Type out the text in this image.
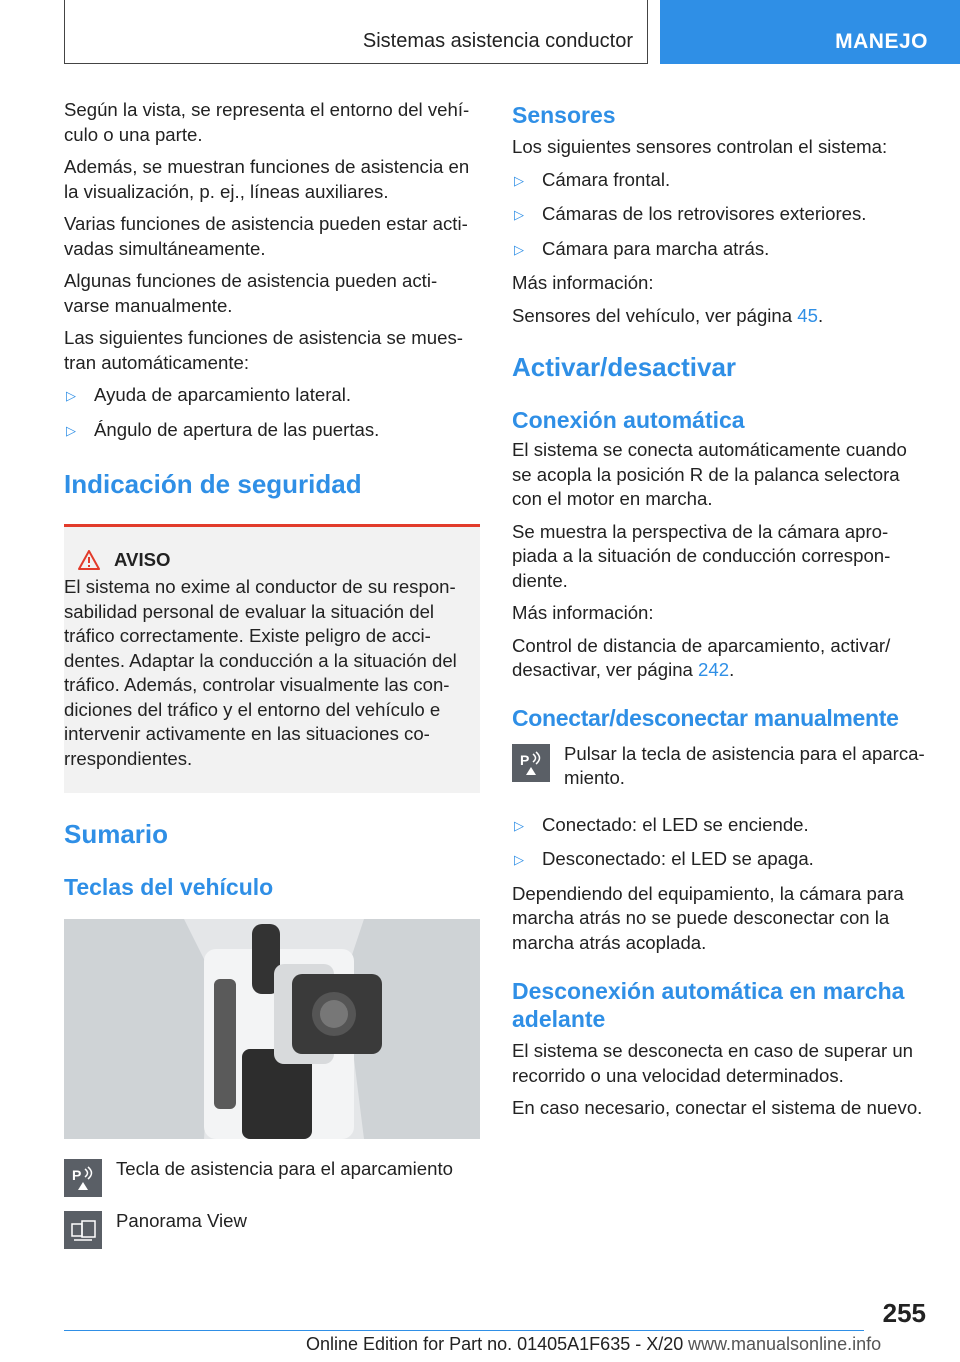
Sistemas asistencia conductor	MANEJO

Según la vista, se representa el entorno del vehí-
culo o una parte.

Además, se muestran funciones de asistencia en la visualización, p. ej., líneas auxiliares.

Varias funciones de asistencia pueden estar acti-
vadas simultáneamente.

Algunas funciones de asistencia pueden acti-
varse manualmente.

Las siguientes funciones de asistencia se mues-
tran automáticamente:

▷ Ayuda de aparcamiento lateral.
▷ Ángulo de apertura de las puertas.
Indicación de seguridad
AVISO

El sistema no exime al conductor de su respon-
sabilidad personal de evaluar la situación del tráfico correctamente. Existe peligro de acci-
dentes. Adaptar la conducción a la situación del tráfico. Además, controlar visualmente las con-
diciones del tráfico y el entorno del vehículo e intervenir activamente en las situaciones co-
rrespondientes.

Sumario
Teclas del vehículo
P Tecla de asistencia para el aparcamiento

Panorama View

Sensores

Los siguientes sensores controlan el sistema:

▷ Cámara frontal.
▷ Cámaras de los retrovisores exteriores.
▷ Cámara para marcha atrás.

Más información:

Sensores del vehículo, ver página 45.

Activar/desactivar
Conexión automática

El sistema se conecta automáticamente cuando se acopla la posición R de la palanca selectora con el motor en marcha.

Se muestra la perspectiva de la cámara apro-
piada a la situación de conducción correspon-
diente.

Más información:

Control de distancia de aparcamiento, activar/
desactivar, ver página 242.

Conectar/desconectar manualmente
P Pulsar la tecla de asistencia para el aparca-
miento.

▷ Conectado: el LED se enciende.
▷ Desconectado: el LED se apaga.

Dependiendo del equipamiento, la cámara para marcha atrás no se puede desconectar con la marcha atrás acoplada.

Desconexión automática en marcha adelante

El sistema se desconecta en caso de superar un recorrido o una velocidad determinados.

En caso necesario, conectar el sistema de nuevo.

255
Online Edition for Part no. 01405A1F635 - X/20 www.manualsonline.info
